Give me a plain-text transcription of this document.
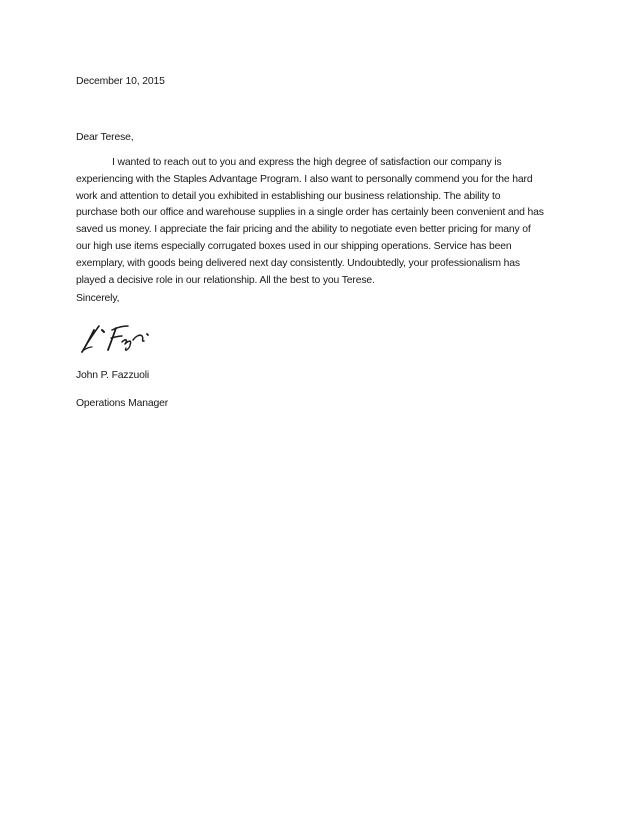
December 10, 2015
Dear Terese,
I wanted to reach out to you and express the high degree of satisfaction our company is
experiencing with the Staples Advantage Program. I also want to personally commend you for the hard
work and attention to detail you exhibited in establishing our business relationship. The ability to
purchase both our office and warehouse supplies in a single order has certainly been convenient and has
saved us money. I appreciate the fair pricing and the ability to negotiate even better pricing for many of
our high use items especially corrugated boxes used in our shipping operations. Service has been
exemplary, with goods being delivered next day consistently. Undoubtedly, your professionalism has
played a decisive role in our relationship. All the best to you Terese.
Sincerely,
John P. Fazzuoli
Operations Manager
